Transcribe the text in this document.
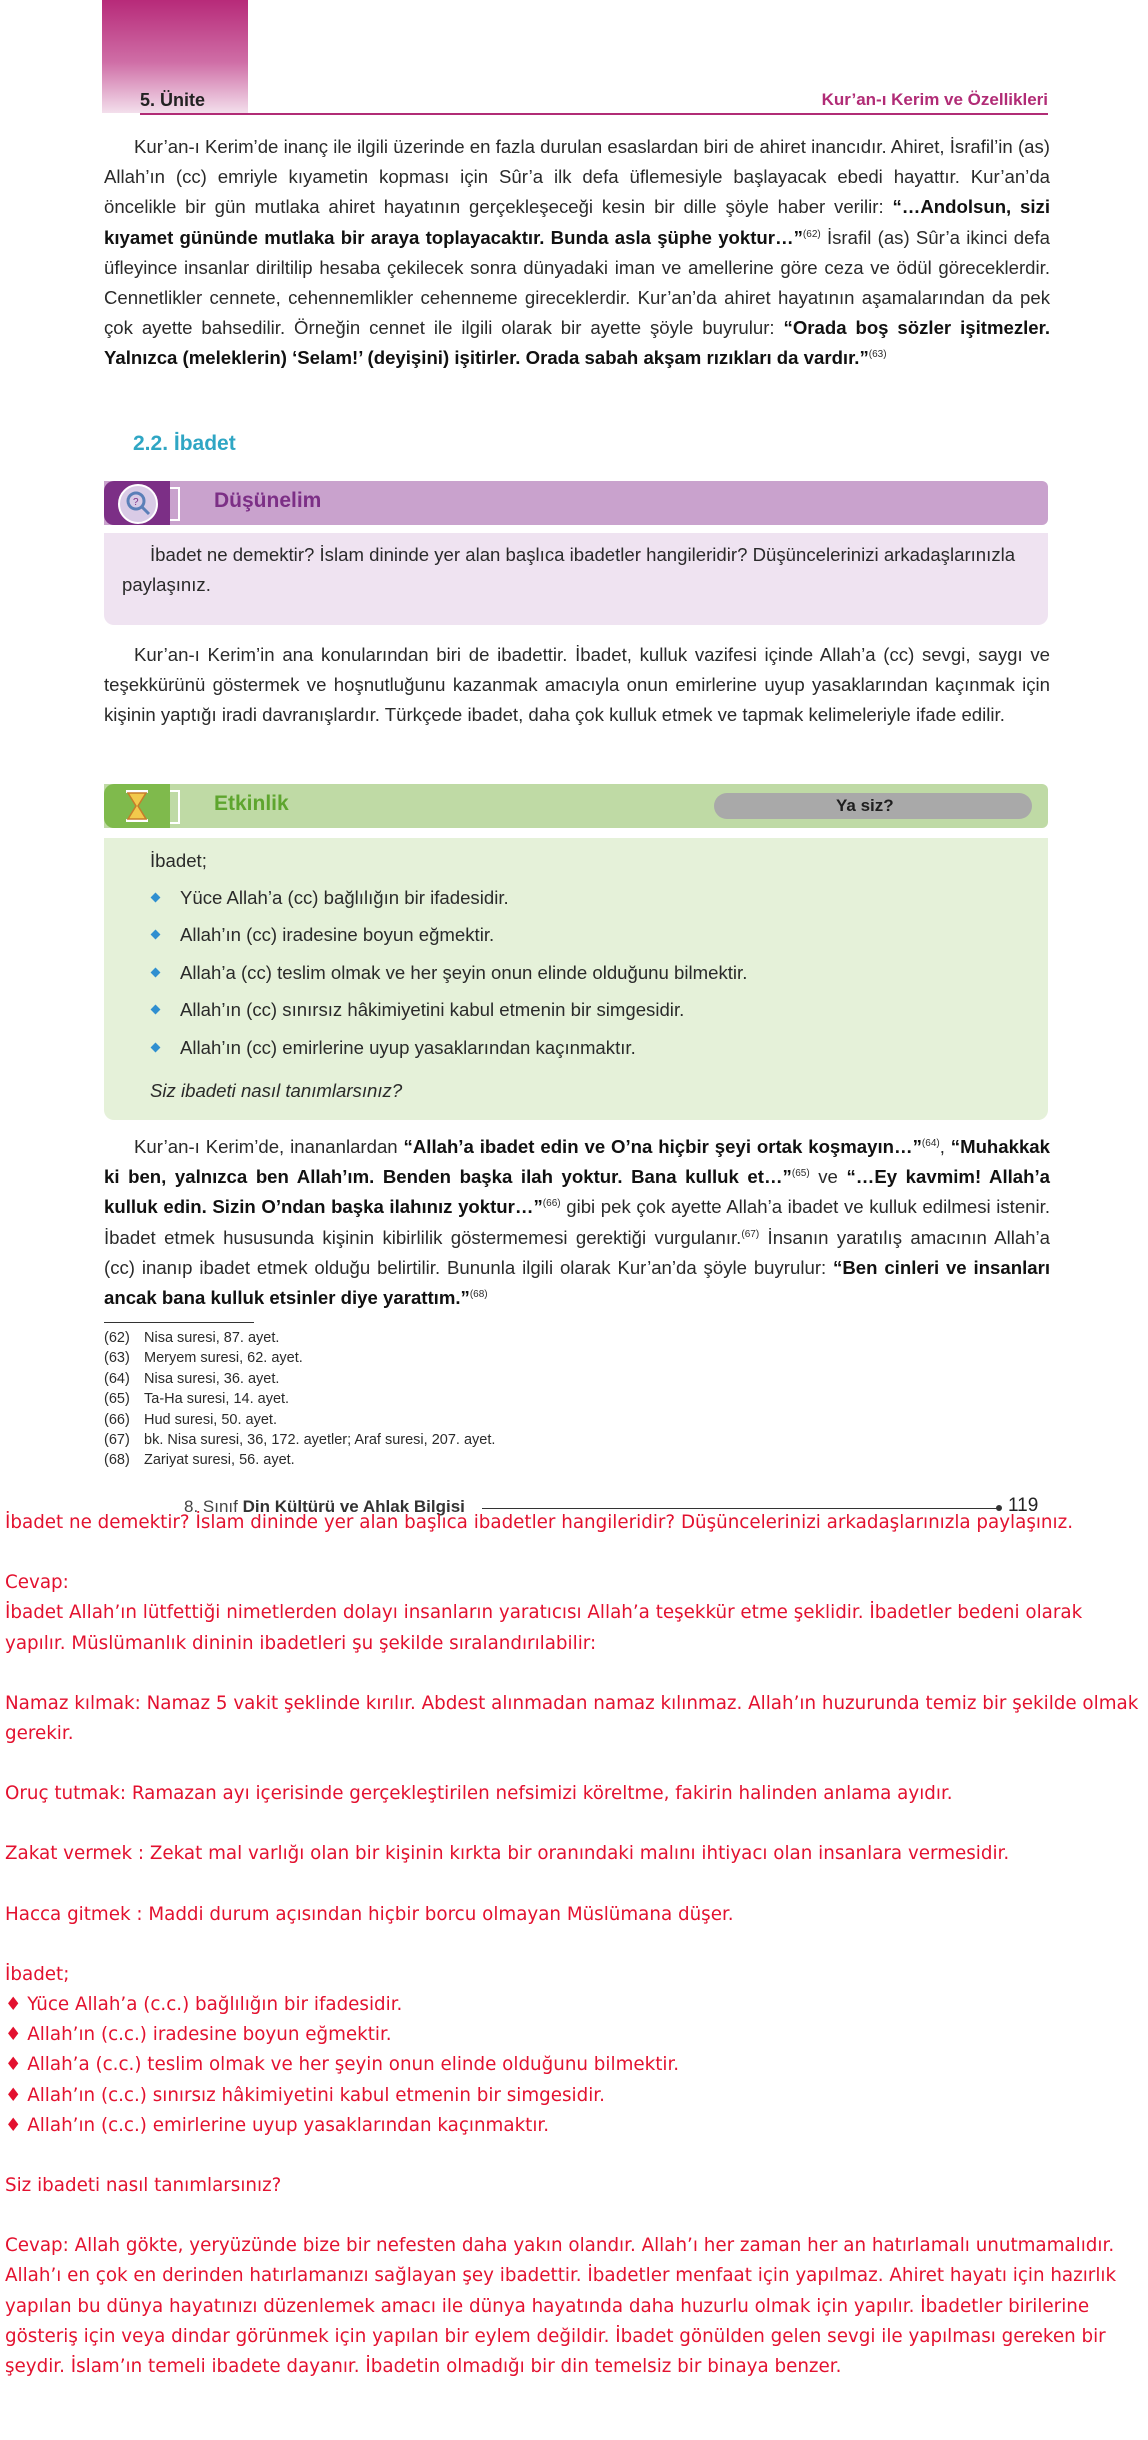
5. Ünite	Kur’an-ı Kerim ve Özellikleri
Kur’an-ı Kerim’de inanç ile ilgili üzerinde en fazla durulan esaslardan biri de ahiret inancıdır. Ahiret, İsrafil’in (as) Allah’ın (cc) emriyle kıyametin kopması için Sûr’a ilk defa üflemesiyle başlayacak ebedi hayattır. Kur’an’da öncelikle bir gün mutlaka ahiret hayatının gerçekleşeceği kesin bir dille şöyle haber verilir: “…Andolsun, sizi kıyamet gününde mutlaka bir araya toplayacaktır. Bunda asla şüphe yoktur…”$^{(62)}$ İsrafil (as) Sûr’a ikinci defa üfleyince insanlar diriltilip hesaba çekilecek sonra dünyadaki iman ve amellerine göre ceza ve ödül göreceklerdir. Cennetlikler cennete, cehennemlikler cehenneme gireceklerdir. Kur’an’da ahiret hayatının aşamalarından da pek çok ayette bahsedilir. Örneğin cennet ile ilgili olarak bir ayette şöyle buyrulur: “Orada boş sözler işitmezler. Yalnızca (meleklerin) ‘Selam!’ (deyişini) işitirler. Orada sabah akşam rızıkları da vardır.”$^{(63)}$
2.2. İbadet
?	Düşünelim
İbadet ne demektir? İslam dininde yer alan başlıca ibadetler hangileridir? Düşüncelerinizi arkadaşlarınızla paylaşınız.
Kur’an-ı Kerim’in ana konularından biri de ibadettir. İbadet, kulluk vazifesi içinde Allah’a (cc) sevgi, saygı ve teşekkürünü göstermek ve hoşnutluğunu kazanmak amacıyla onun emirlerine uyup yasaklarından kaçınmak için kişinin yaptığı iradi davranışlardır. Türkçede ibadet, daha çok kulluk etmek ve tapmak kelimeleriyle ifade edilir.
Etkinlik	Ya siz?
İbadet;
Yüce Allah’a (cc) bağlılığın bir ifadesidir.
Allah’ın (cc) iradesine boyun eğmektir.
Allah’a (cc) teslim olmak ve her şeyin onun elinde olduğunu bilmektir.
Allah’ın (cc) sınırsız hâkimiyetini kabul etmenin bir simgesidir.
Allah’ın (cc) emirlerine uyup yasaklarından kaçınmaktır.
Siz ibadeti nasıl tanımlarsınız?
Kur’an-ı Kerim’de, inananlardan “Allah’a ibadet edin ve O’na hiçbir şeyi ortak koşmayın…”$^{(64)}$, “Muhakkak ki ben, yalnızca ben Allah’ım. Benden başka ilah yoktur. Bana kulluk et…”$^{(65)}$ ve “…Ey kavmim! Allah’a kulluk edin. Sizin O’ndan başka ilahınız yoktur…”$^{(66)}$ gibi pek çok ayette Allah’a ibadet ve kulluk edilmesi istenir. İbadet etmek hususunda kişinin kibirlilik göstermemesi gerektiği vurgulanır.$^{(67)}$ İnsanın yaratılış amacının Allah’a (cc) inanıp ibadet etmek olduğu belirtilir. Bununla ilgili olarak Kur’an’da şöyle buyrulur: “Ben cinleri ve insanları ancak bana kulluk etsinler diye yarattım.”$^{(68)}$
(62) Nisa suresi, 87. ayet.
(63) Meryem suresi, 62. ayet.
(64) Nisa suresi, 36. ayet.
(65) Ta-Ha suresi, 14. ayet.
(66) Hud suresi, 50. ayet.
(67) bk. Nisa suresi, 36, 172. ayetler; Araf suresi, 207. ayet.
(68) Zariyat suresi, 56. ayet.
8. Sınıf Din Kültürü ve Ahlak Bilgisi	119

İbadet ne demektir? İslam dininde yer alan başlıca ibadetler hangileridir? Düşüncelerinizi arkadaşlarınızla paylaşınız.

Cevap:

İbadet Allah’ın lütfettiği nimetlerden dolayı insanların yaratıcısı Allah’a teşekkür etme şeklidir. İbadetler bedeni olarak yapılır. Müslümanlık dininin ibadetleri şu şekilde sıralandırılabilir:

Namaz kılmak: Namaz 5 vakit şeklinde kırılır. Abdest alınmadan namaz kılınmaz. Allah’ın huzurunda temiz bir şekilde olmak gerekir.

Oruç tutmak: Ramazan ayı içerisinde gerçekleştirilen nefsimizi köreltme, fakirin halinden anlama ayıdır.

Zakat vermek : Zekat mal varlığı olan bir kişinin kırkta bir oranındaki malını ihtiyacı olan insanlara vermesidir.

Hacca gitmek : Maddi durum açısından hiçbir borcu olmayan Müslümana düşer.

İbadet;

♦ Yüce Allah’a (c.c.) bağlılığın bir ifadesidir.

♦ Allah’ın (c.c.) iradesine boyun eğmektir.

♦ Allah’a (c.c.) teslim olmak ve her şeyin onun elinde olduğunu bilmektir.

♦ Allah’ın (c.c.) sınırsız hâkimiyetini kabul etmenin bir simgesidir.

♦ Allah’ın (c.c.) emirlerine uyup yasaklarından kaçınmaktır.

Siz ibadeti nasıl tanımlarsınız?

Cevap: Allah gökte, yeryüzünde bize bir nefesten daha yakın olandır. Allah’ı her zaman her an hatırlamalı unutmamalıdır. Allah’ı en çok en derinden hatırlamanızı sağlayan şey ibadettir. İbadetler menfaat için yapılmaz. Ahiret hayatı için hazırlık yapılan bu dünya hayatınızı düzenlemek amacı ile dünya hayatında daha huzurlu olmak için yapılır. İbadetler birilerine gösteriş için veya dindar görünmek için yapılan bir eylem değildir. İbadet gönülden gelen sevgi ile yapılması gereken bir şeydir. İslam’ın temeli ibadete dayanır. İbadetin olmadığı bir din temelsiz bir binaya benzer.
